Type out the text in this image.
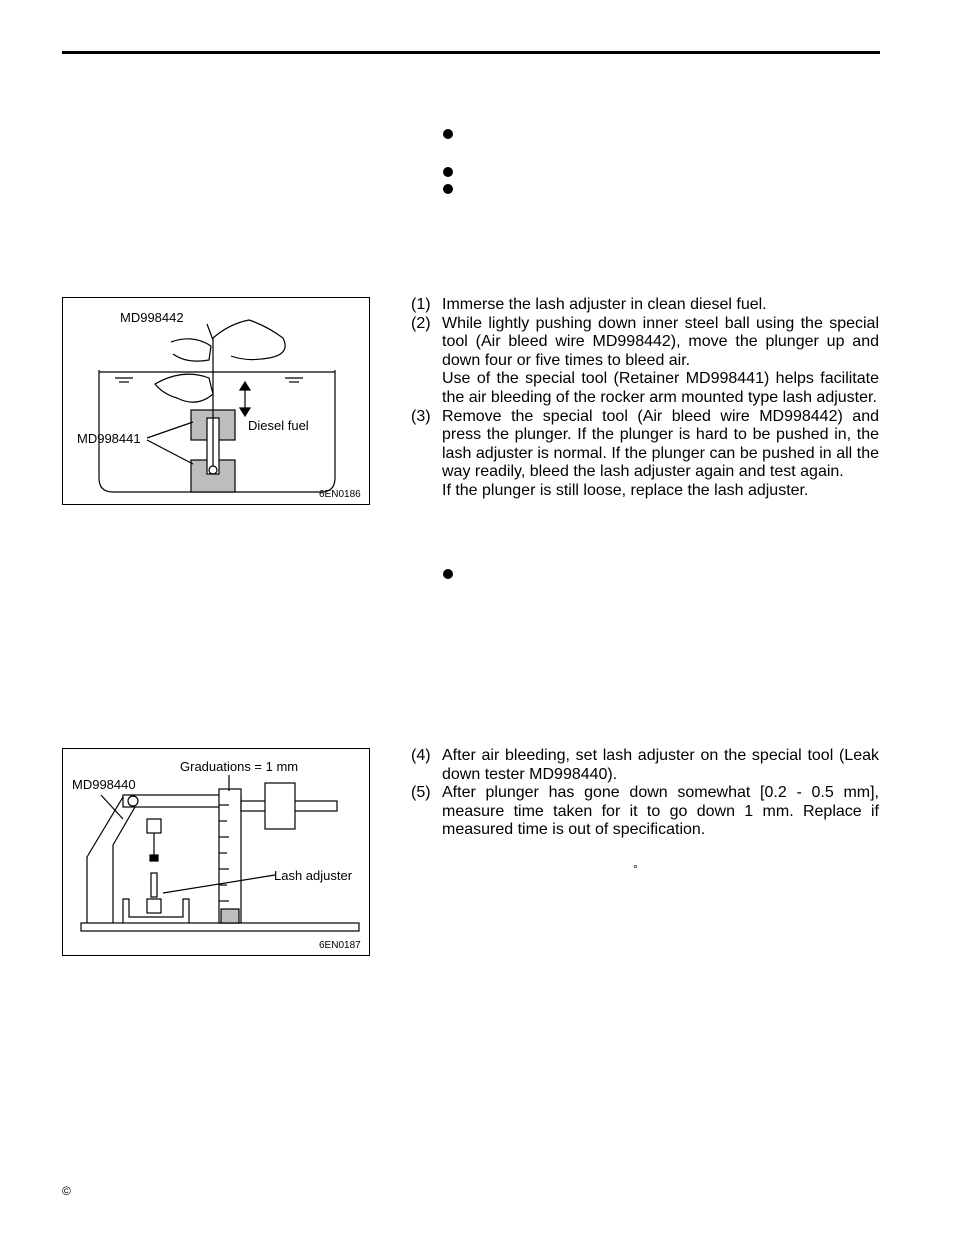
MD998442
MD998441
Diesel fuel
6EN0186
(1) Immerse the lash adjuster in clean diesel fuel.

(2) While lightly pushing down inner steel ball using the special tool (Air bleed wire MD998442), move the plunger up and down four or five times to bleed air.

Use of the special tool (Retainer MD998441) helps facilitate the air bleeding of the rocker arm mounted type lash adjuster.

(3) Remove the special tool (Air bleed wire MD998442) and press the plunger. If the plunger is hard to be pushed in, the lash adjuster is normal. If the plunger can be pushed in all the way readily, bleed the lash adjuster again and test again.

If the plunger is still loose, replace the lash adjuster.

MD998440
Graduations = 1 mm
Lash adjuster
6EN0187
(4) After air bleeding, set lash adjuster on the special tool (Leak down tester MD998440).

(5) After plunger has gone down somewhat [0.2 - 0.5 mm], measure time taken for it to go down 1 mm. Replace if measured time is out of specification.

°
©
